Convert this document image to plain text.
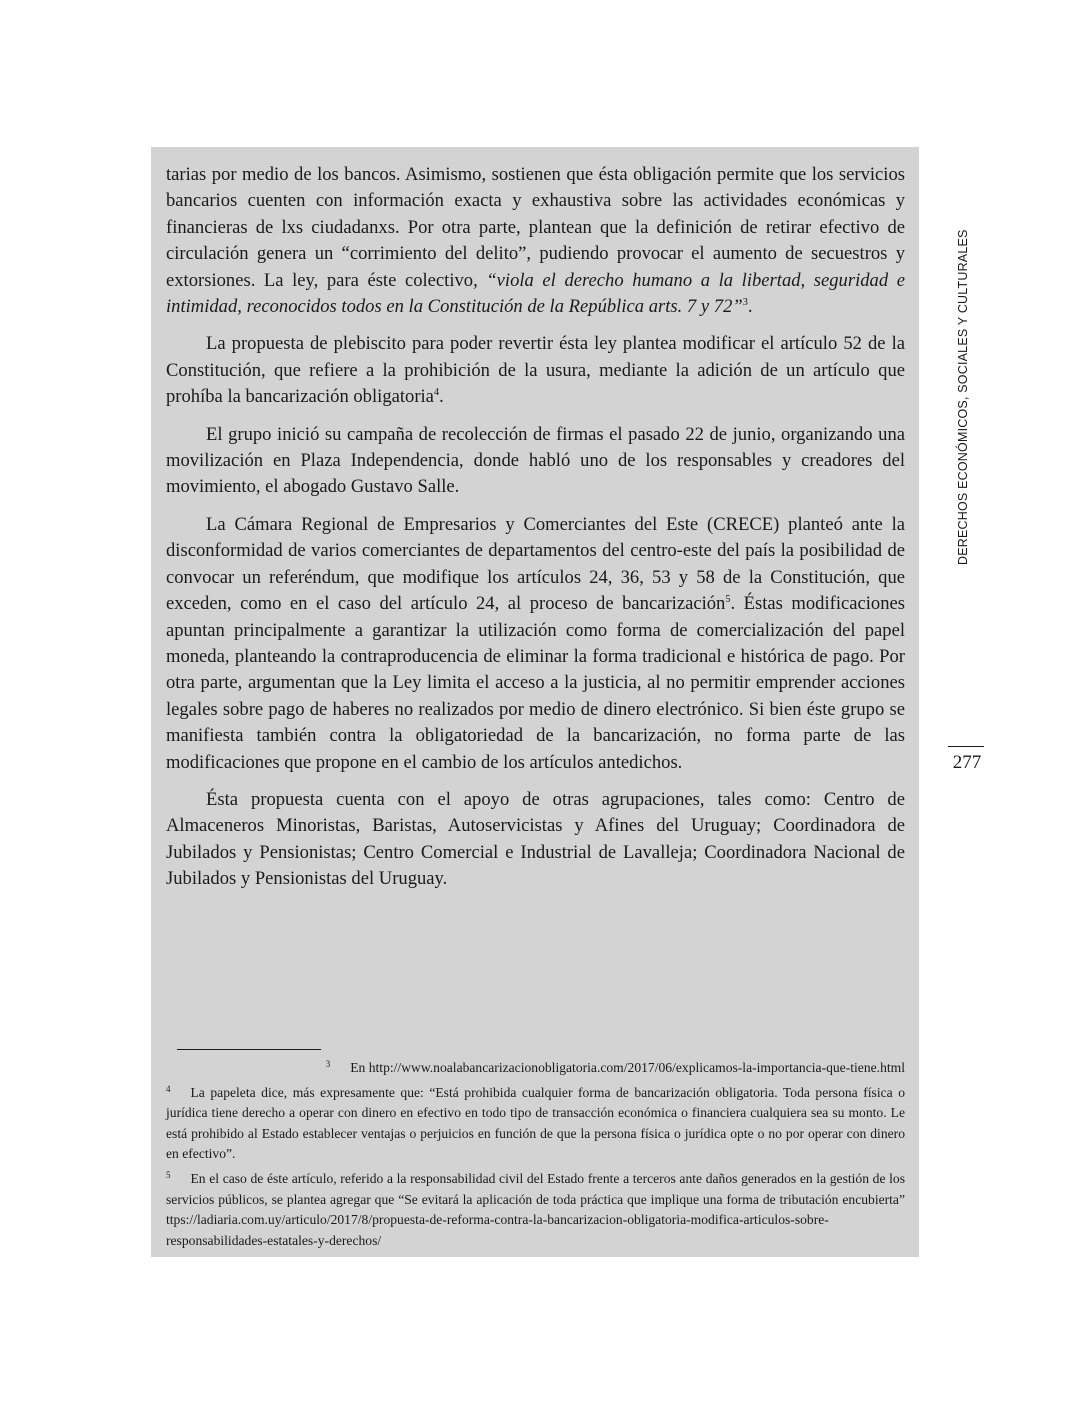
tarias por medio de los bancos. Asimismo, sostienen que ésta obligación permite que los servicios bancarios cuenten con información exacta y exhaustiva sobre las actividades económicas y financieras de lxs ciudadanxs. Por otra parte, plantean que la definición de retirar efectivo de circulación genera un “corrimiento del delito”, pudiendo provocar el aumento de secuestros y extorsiones. La ley, para éste colectivo, “viola el derecho humano a la libertad, seguridad e intimidad, reconocidos todos en la Constitución de la República arts. 7 y 72”$^3$.

La propuesta de plebiscito para poder revertir ésta ley plantea modificar el artículo 52 de la Constitución, que refiere a la prohibición de la usura, mediante la adición de un artículo que prohíba la bancarización obligatoria$^4$.

El grupo inició su campaña de recolección de firmas el pasado 22 de junio, organizando una movilización en Plaza Independencia, donde habló uno de los responsables y creadores del movimiento, el abogado Gustavo Salle.

La Cámara Regional de Empresarios y Comerciantes del Este (CRECE) planteó ante la disconformidad de varios comerciantes de departamentos del centro-este del país la posibilidad de convocar un referéndum, que modifique los artículos 24, 36, 53 y 58 de la Constitución, que exceden, como en el caso del artículo 24, al proceso de bancarización$^5$. Éstas modificaciones apuntan principalmente a garantizar la utilización como forma de comercialización del papel moneda, planteando la contraproducencia de eliminar la forma tradicional e histórica de pago. Por otra parte, argumentan que la Ley limita el acceso a la justicia, al no permitir emprender acciones legales sobre pago de haberes no realizados por medio de dinero electrónico. Si bien éste grupo se manifiesta también contra la obligatoriedad de la bancarización, no forma parte de las modificaciones que propone en el cambio de los artículos antedichos.

Ésta propuesta cuenta con el apoyo de otras agrupaciones, tales como: Centro de Almaceneros Minoristas, Baristas, Autoservicistas y Afines del Uruguay; Coordinadora de Jubilados y Pensionistas; Centro Comercial e Industrial de Lavalleja; Coordinadora Nacional de Jubilados y Pensionistas del Uruguay.

$^3$ En http://www.noalabancarizacionobligatoria.com/2017/06/explicamos-la-importancia-que-tiene.html

$^4$ La papeleta dice, más expresamente que: “Está prohibida cualquier forma de bancarización obligatoria. Toda persona física o jurídica tiene derecho a operar con dinero en efectivo en todo tipo de transacción económica o financiera cualquiera sea su monto. Le está prohibido al Estado establecer ventajas o perjuicios en función de que la persona física o jurídica opte o no por operar con dinero en efectivo”.

$^5$ En el caso de éste artículo, referido a la responsabilidad civil del Estado frente a terceros ante daños generados en la gestión de los servicios públicos, se plantea agregar que “Se evitará la aplicación de toda práctica que implique una forma de tributación encubierta” ttps://ladiaria.com.uy/articulo/2017/8/propuesta-de-reforma-contra-la-bancarizacion-obligatoria-modifica-articulos-sobre-responsabilidades-estatales-y-derechos/

DERECHOS ECONÓMICOS, SOCIALES Y CULTURALES
277
